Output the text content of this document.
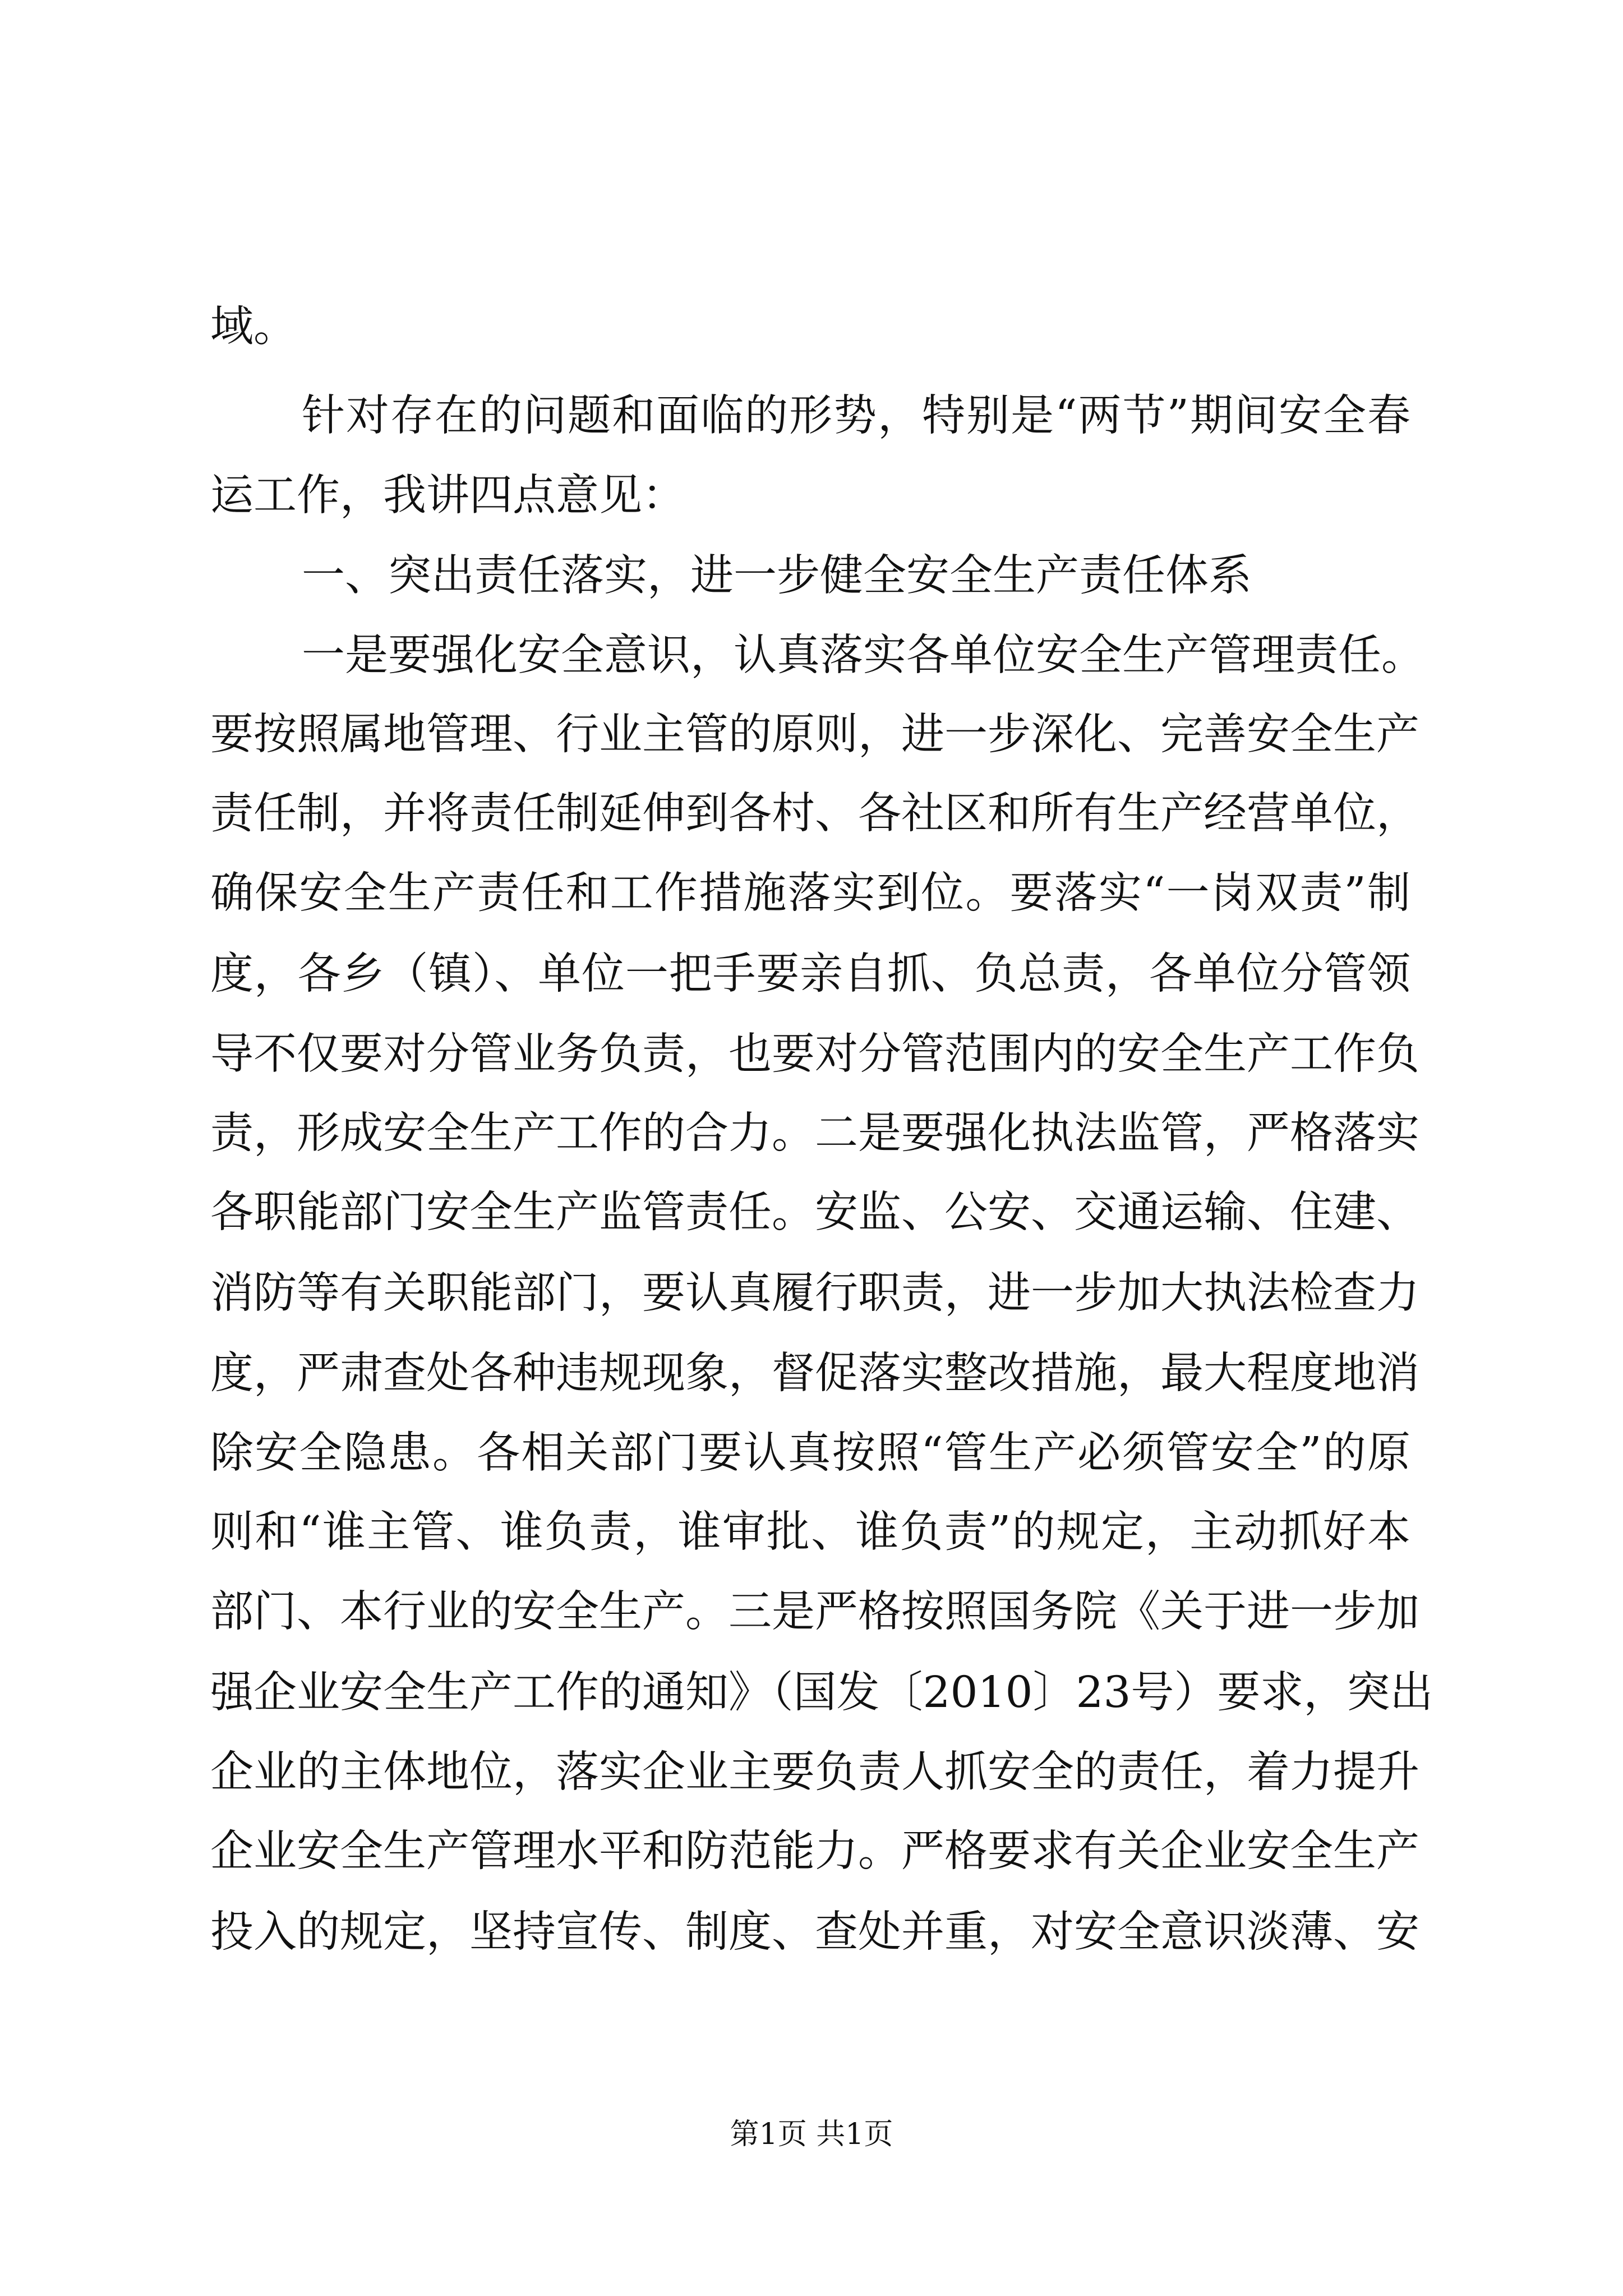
域。
针对存在的问题和面临的形势，特别是“两节”期间安全春
运工作，我讲四点意见：
一、突出责任落实，进一步健全安全生产责任体系
一是要强化安全意识，认真落实各单位安全生产管理责任。
要按照属地管理、行业主管的原则，进一步深化、完善安全生产
责任制，并将责任制延伸到各村、各社区和所有生产经营单位，
确保安全生产责任和工作措施落实到位。要落实“一岗双责”制
度，各乡（镇）、单位一把手要亲自抓、负总责，各单位分管领
导不仅要对分管业务负责，也要对分管范围内的安全生产工作负
责，形成安全生产工作的合力。二是要强化执法监管，严格落实
各职能部门安全生产监管责任。安监、公安、交通运输、住建、
消防等有关职能部门，要认真履行职责，进一步加大执法检查力
度，严肃查处各种违规现象，督促落实整改措施，最大程度地消
除安全隐患。各相关部门要认真按照“管生产必须管安全”的原
则和“谁主管、谁负责，谁审批、谁负责”的规定，主动抓好本
部门、本行业的安全生产。三是严格按照国务院《关于进一步加
强企业安全生产工作的通知》（国发〔2010〕23号）要求，突出
企业的主体地位，落实企业主要负责人抓安全的责任，着力提升
企业安全生产管理水平和防范能力。严格要求有关企业安全生产
投入的规定，坚持宣传、制度、查处并重，对安全意识淡薄、安
第1页 共1页
